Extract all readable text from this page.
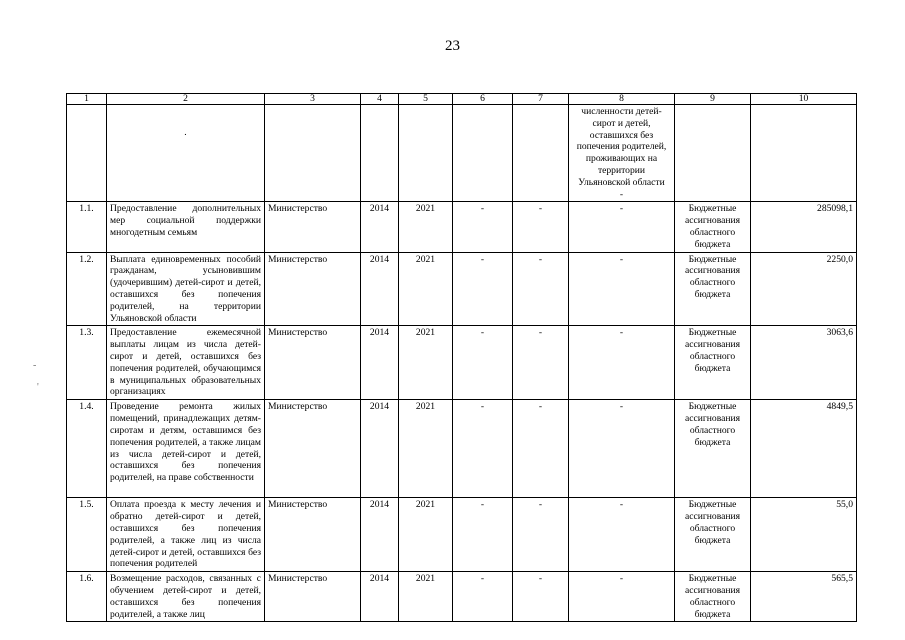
23
-
'
1	2	3	4	5	6	7	8	9	10
	.						численности детей-сирот и детей, оставшихся без попечения родителей, проживающих на территории Ульяновской области
-		

1.1.	Предоставление дополнительных мер социальной поддержки многодетным семьям	Министерство	2014	2021	-	-	-	Бюджетные ассигнования областного бюджета	285098,1
1.2.	Выплата единовременных пособий гражданам, усыновившим (удочерившим) детей-сирот и детей, оставшихся без попечения родителей, на территории Ульяновской области	Министерство	2014	2021	-	-	-	Бюджетные ассигнования областного бюджета	2250,0
1.3.	Предоставление ежемесячной выплаты лицам из числа детей-сирот и детей, оставшихся без попечения родителей, обучающимся в муниципальных образовательных организациях	Министерство	2014	2021	-	-	-	Бюджетные ассигнования областного бюджета	3063,6
1.4.	Проведение ремонта жилых помещений, принадлежащих детям-сиротам и детям, оставшимся без попечения родителей, а также лицам из числа детей-сирот и детей, оставшихся без попечения родителей, на праве собственности	Министерство	2014	2021	-	-	-	Бюджетные ассигнования областного бюджета	4849,5
1.5.	Оплата проезда к месту лечения и обратно детей-сирот и детей, оставшихся без попечения родителей, а также лиц из числа детей-сирот и детей, оставшихся без попечения родителей	Министерство	2014	2021	-	-	-	Бюджетные ассигнования областного бюджета	55,0
1.6.	Возмещение расходов, связанных с обучением детей-сирот и детей, оставшихся без попечения родителей, а также лиц	Министерство	2014	2021	-	-	-	Бюджетные ассигнования областного бюджета	565,5
